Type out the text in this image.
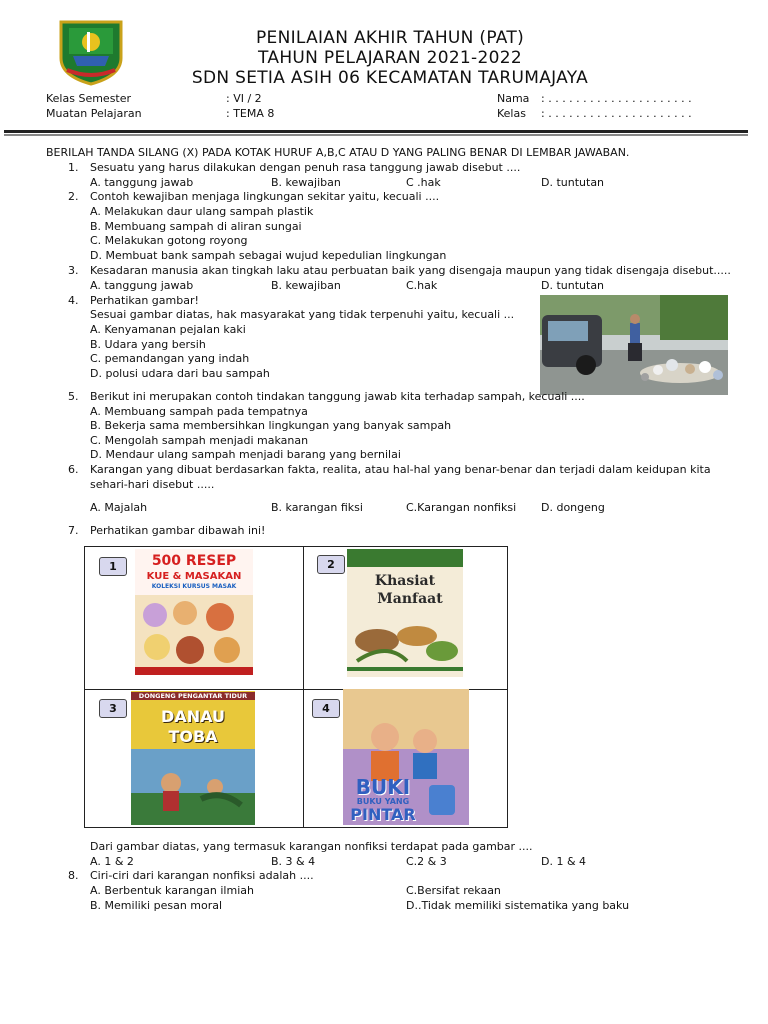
PENILAIAN AKHIR TAHUN (PAT)
TAHUN PELAJARAN 2021-2022
SDN SETIA ASIH 06 KECAMATAN TARUMAJAYA
Kelas Semester	: VI / 2
Muatan Pelajaran	: TEMA 8
Nama : . . . . . . . . . . . . . . . . . . . . .
Kelas : . . . . . . . . . . . . . . . . . . . . .
BERILAH TANDA SILANG (X) PADA KOTAK HURUF A,B,C ATAU D YANG PALING BENAR DI LEMBAR JAWABAN.
1. Sesuatu yang harus dilakukan dengan penuh rasa tanggung jawab disebut ....
A. tanggung jawab	B. kewajiban	C .hak	D. tuntutan
2. Contoh kewajiban menjaga lingkungan sekitar yaitu, kecuali ....
A. Melakukan daur ulang sampah plastik
B. Membuang sampah di aliran sungai
C. Melakukan gotong royong
D. Membuat bank sampah sebagai wujud kepedulian lingkungan
3. Kesadaran manusia akan tingkah laku atau perbuatan baik yang disengaja maupun yang tidak disengaja disebut.....
A. tanggung jawab	B. kewajiban	C.hak	D. tuntutan
4. Perhatikan gambar!
Sesuai gambar diatas, hak masyarakat yang tidak terpenuhi yaitu, kecuali ...
A. Kenyamanan pejalan kaki
B. Udara yang bersih
C. pemandangan yang indah
D. polusi udara dari bau sampah
5. Berikut ini merupakan contoh tindakan tanggung jawab kita terhadap sampah, kecuali ....
A. Membuang sampah pada tempatnya
B. Bekerja sama membersihkan lingkungan yang banyak sampah
C. Mengolah sampah menjadi makanan
D. Mendaur ulang sampah menjadi barang yang bernilai
6. Karangan yang dibuat berdasarkan fakta, realita, atau hal-hal yang benar-benar dan terjadi dalam keidupan kita
sehari-hari disebut .....
A. Majalah	B. karangan fiksi	C.Karangan nonfiksi D. dongeng
7. Perhatikan gambar dibawah ini!
1	500 RESEP
KUE & MASAKAN
KOLEKSI KURSUS MASAK
2
Khasiat
Manfaat
3
DONGENG PENGANTAR TIDUR
DANAU
TOBA
4
BUKI
BUKU YANG
PINTAR
Dari gambar diatas, yang termasuk karangan nonfiksi terdapat pada gambar ....
A. 1 & 2	B. 3 & 4	C.2 & 3	D. 1 & 4
8. Ciri-ciri dari karangan nonfiksi adalah ....
A. Berbentuk karangan ilmiah	C.Bersifat rekaan
B. Memiliki pesan moral	D..Tidak memiliki sistematika yang baku
